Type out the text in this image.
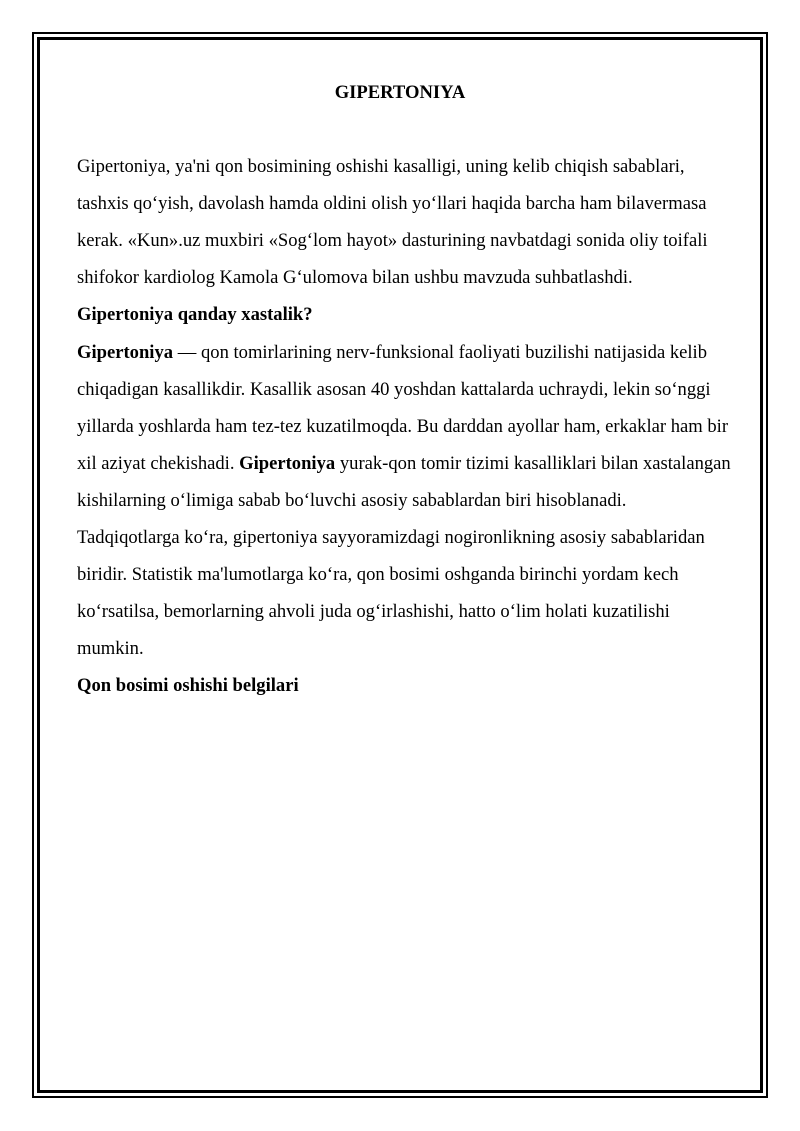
GIPERTONIYA

Gipertoniya, ya'ni qon bosimining oshishi kasalligi, uning kelib chiqish sabablari, tashxis qo‘yish, davolash hamda oldini olish yo‘llari haqida barcha ham bilavermasa kerak. «Kun».uz muxbiri «Sog‘lom hayot» dasturining navbatdagi sonida oliy toifali shifokor kardiolog Kamola G‘ulomova bilan ushbu mavzuda suhbatlashdi.

Gipertoniya qanday xastalik?

Gipertoniya — qon tomirlarining nerv-funksional faoliyati buzilishi natijasida kelib chiqadigan kasallikdir. Kasallik asosan 40 yoshdan kattalarda uchraydi, lekin so‘nggi yillarda yoshlarda ham tez-tez kuzatilmoqda. Bu darddan ayollar ham, erkaklar ham bir xil aziyat chekishadi. Gipertoniya yurak-qon tomir tizimi kasalliklari bilan xastalangan kishilarning o‘limiga sabab bo‘luvchi asosiy sabablardan biri hisoblanadi.

Tadqiqotlarga ko‘ra, gipertoniya sayyoramizdagi nogironlikning asosiy sabablaridan biridir. Statistik ma'lumotlarga ko‘ra, qon bosimi oshganda birinchi yordam kech ko‘rsatilsa, bemorlarning ahvoli juda og‘irlashishi, hatto o‘lim holati kuzatilishi mumkin.

Qon bosimi oshishi belgilari
